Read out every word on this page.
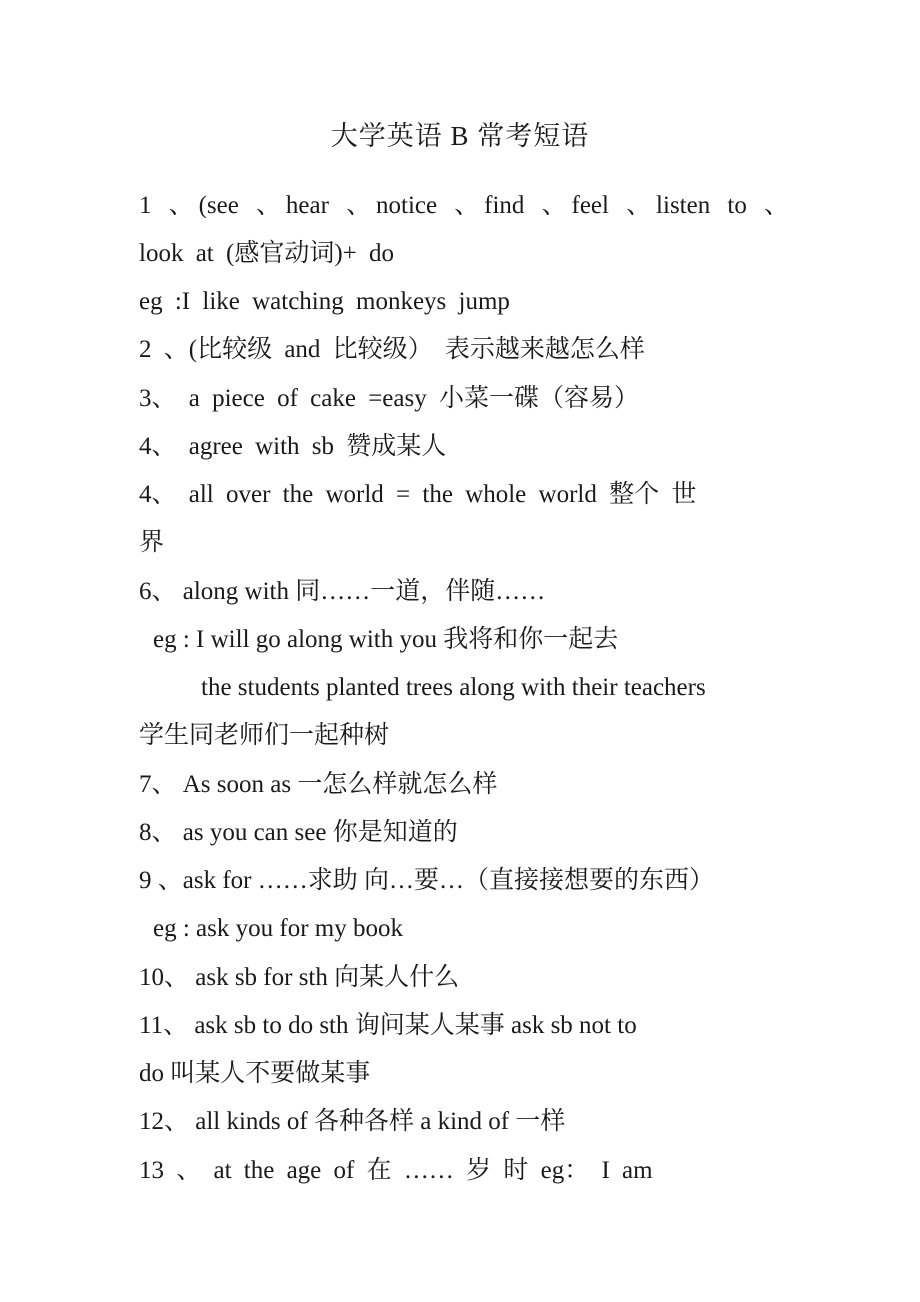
大学英语 B 常考短语
1 、(see 、hear 、notice 、find 、feel 、listen to 、
look at (感官动词)+ do
eg :I like watching monkeys jump
2 、(比较级 and 比较级） 表示越来越怎么样
3、 a piece of cake =easy 小菜一碟（容易）
4、 agree with sb 赞成某人
4、 all over the world = the whole world 整个 世
界
6、 along with 同……一道，伴随……
eg : I will go along with you 我将和你一起去
the students planted trees along with their teachers
学生同老师们一起种树
7、 As soon as 一怎么样就怎么样
8、 as you can see 你是知道的
9 、ask for ……求助 向…要…（直接接想要的东西）
eg : ask you for my book
10、 ask sb for sth 向某人什么
11、 ask sb to do sth 询问某人某事 ask sb not to
do 叫某人不要做某事
12、 all kinds of 各种各样 a kind of 一样
13 、 at the age of 在 …… 岁 时 eg： I am
